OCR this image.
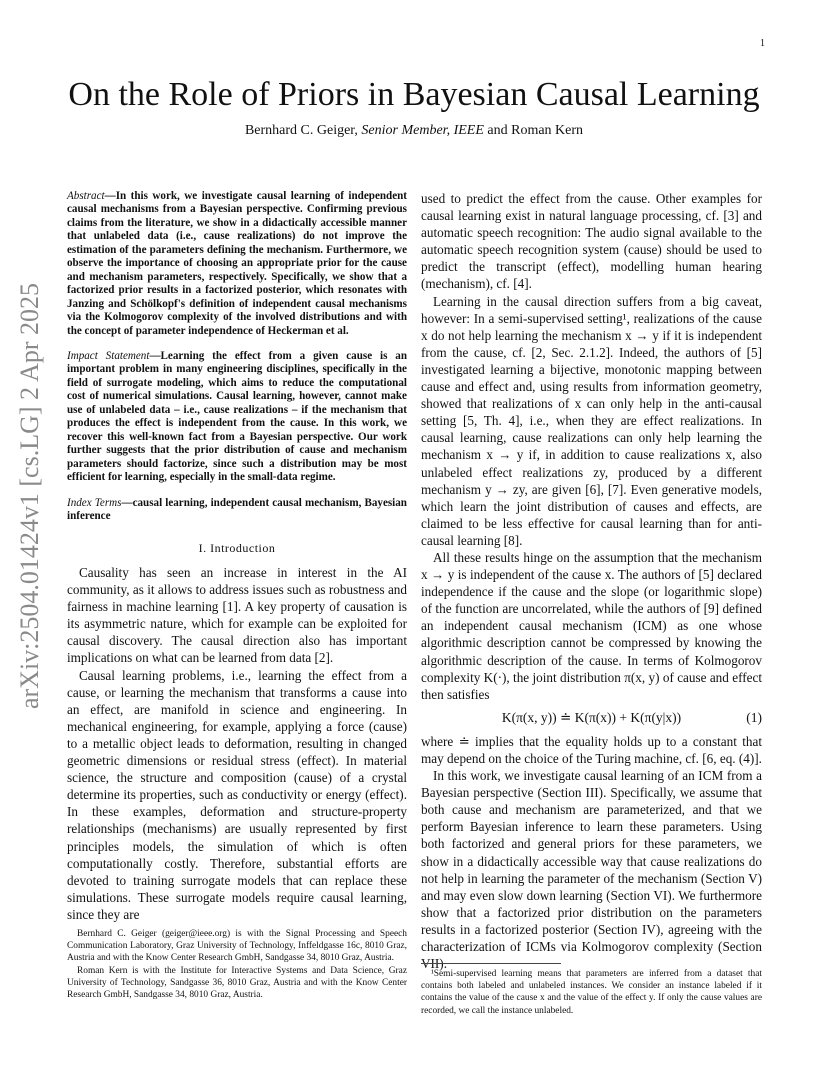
1
arXiv:2504.01424v1 [cs.LG] 2 Apr 2025
On the Role of Priors in Bayesian Causal Learning
Bernhard C. Geiger, Senior Member, IEEE and Roman Kern

Abstract—In this work, we investigate causal learning of independent causal mechanisms from a Bayesian perspective. Confirming previous claims from the literature, we show in a didactically accessible manner that unlabeled data (i.e., cause realizations) do not improve the estimation of the parameters defining the mechanism. Furthermore, we observe the importance of choosing an appropriate prior for the cause and mechanism parameters, respectively. Specifically, we show that a factorized prior results in a factorized posterior, which resonates with Janzing and Schölkopf's definition of independent causal mechanisms via the Kolmogorov complexity of the involved distributions and with the concept of parameter independence of Heckerman et al.

Impact Statement—Learning the effect from a given cause is an important problem in many engineering disciplines, specifically in the field of surrogate modeling, which aims to reduce the computational cost of numerical simulations. Causal learning, however, cannot make use of unlabeled data – i.e., cause realizations – if the mechanism that produces the effect is independent from the cause. In this work, we recover this well-known fact from a Bayesian perspective. Our work further suggests that the prior distribution of cause and mechanism parameters should factorize, since such a distribution may be most efficient for learning, especially in the small-data regime.

Index Terms—causal learning, independent causal mechanism, Bayesian inference

I. Introduction

Causality has seen an increase in interest in the AI community, as it allows to address issues such as robustness and fairness in machine learning [1]. A key property of causation is its asymmetric nature, which for example can be exploited for causal discovery. The causal direction also has important implications on what can be learned from data [2].

Causal learning problems, i.e., learning the effect from a cause, or learning the mechanism that transforms a cause into an effect, are manifold in science and engineering. In mechanical engineering, for example, applying a force (cause) to a metallic object leads to deformation, resulting in changed geometric dimensions or residual stress (effect). In material science, the structure and composition (cause) of a crystal determine its properties, such as conductivity or energy (effect). In these examples, deformation and structure-property relationships (mechanisms) are usually represented by first principles models, the simulation of which is often computationally costly. Therefore, substantial efforts are devoted to training surrogate models that can replace these simulations. These surrogate models require causal learning, since they are

used to predict the effect from the cause. Other examples for causal learning exist in natural language processing, cf. [3] and automatic speech recognition: The audio signal available to the automatic speech recognition system (cause) should be used to predict the transcript (effect), modelling human hearing (mechanism), cf. [4].

Learning in the causal direction suffers from a big caveat, however: In a semi-supervised setting¹, realizations of the cause x do not help learning the mechanism x → y if it is independent from the cause, cf. [2, Sec. 2.1.2]. Indeed, the authors of [5] investigated learning a bijective, monotonic mapping between cause and effect and, using results from information geometry, showed that realizations of x can only help in the anti-causal setting [5, Th. 4], i.e., when they are effect realizations. In causal learning, cause realizations can only help learning the mechanism x → y if, in addition to cause realizations x, also unlabeled effect realizations zy, produced by a different mechanism y → zy, are given [6], [7]. Even generative models, which learn the joint distribution of causes and effects, are claimed to be less effective for causal learning than for anti-causal learning [8].

All these results hinge on the assumption that the mechanism x → y is independent of the cause x. The authors of [5] declared independence if the cause and the slope (or logarithmic slope) of the function are uncorrelated, while the authors of [9] defined an independent causal mechanism (ICM) as one whose algorithmic description cannot be compressed by knowing the algorithmic description of the cause. In terms of Kolmogorov complexity K(·), the joint distribution π(x, y) of cause and effect then satisfies

K(π(x, y)) ≐ K(π(x)) + K(π(y|x))	(1)

where ≐ implies that the equality holds up to a constant that may depend on the choice of the Turing machine, cf. [6, eq. (4)].

In this work, we investigate causal learning of an ICM from a Bayesian perspective (Section III). Specifically, we assume that both cause and mechanism are parameterized, and that we perform Bayesian inference to learn these parameters. Using both factorized and general priors for these parameters, we show in a didactically accessible way that cause realizations do not help in learning the parameter of the mechanism (Section V) and may even slow down learning (Section VI). We furthermore show that a factorized prior distribution on the parameters results in a factorized posterior (Section IV), agreeing with the characterization of ICMs via Kolmogorov complexity (Section VII).

Bernhard C. Geiger (geiger@ieee.org) is with the Signal Processing and Speech Communication Laboratory, Graz University of Technology, Inffeldgasse 16c, 8010 Graz, Austria and with the Know Center Research GmbH, Sandgasse 34, 8010 Graz, Austria.

Roman Kern is with the Institute for Interactive Systems and Data Science, Graz University of Technology, Sandgasse 36, 8010 Graz, Austria and with the Know Center Research GmbH, Sandgasse 34, 8010 Graz, Austria.

¹Semi-supervised learning means that parameters are inferred from a dataset that contains both labeled and unlabeled instances. We consider an instance labeled if it contains the value of the cause x and the value of the effect y. If only the cause values are recorded, we call the instance unlabeled.
